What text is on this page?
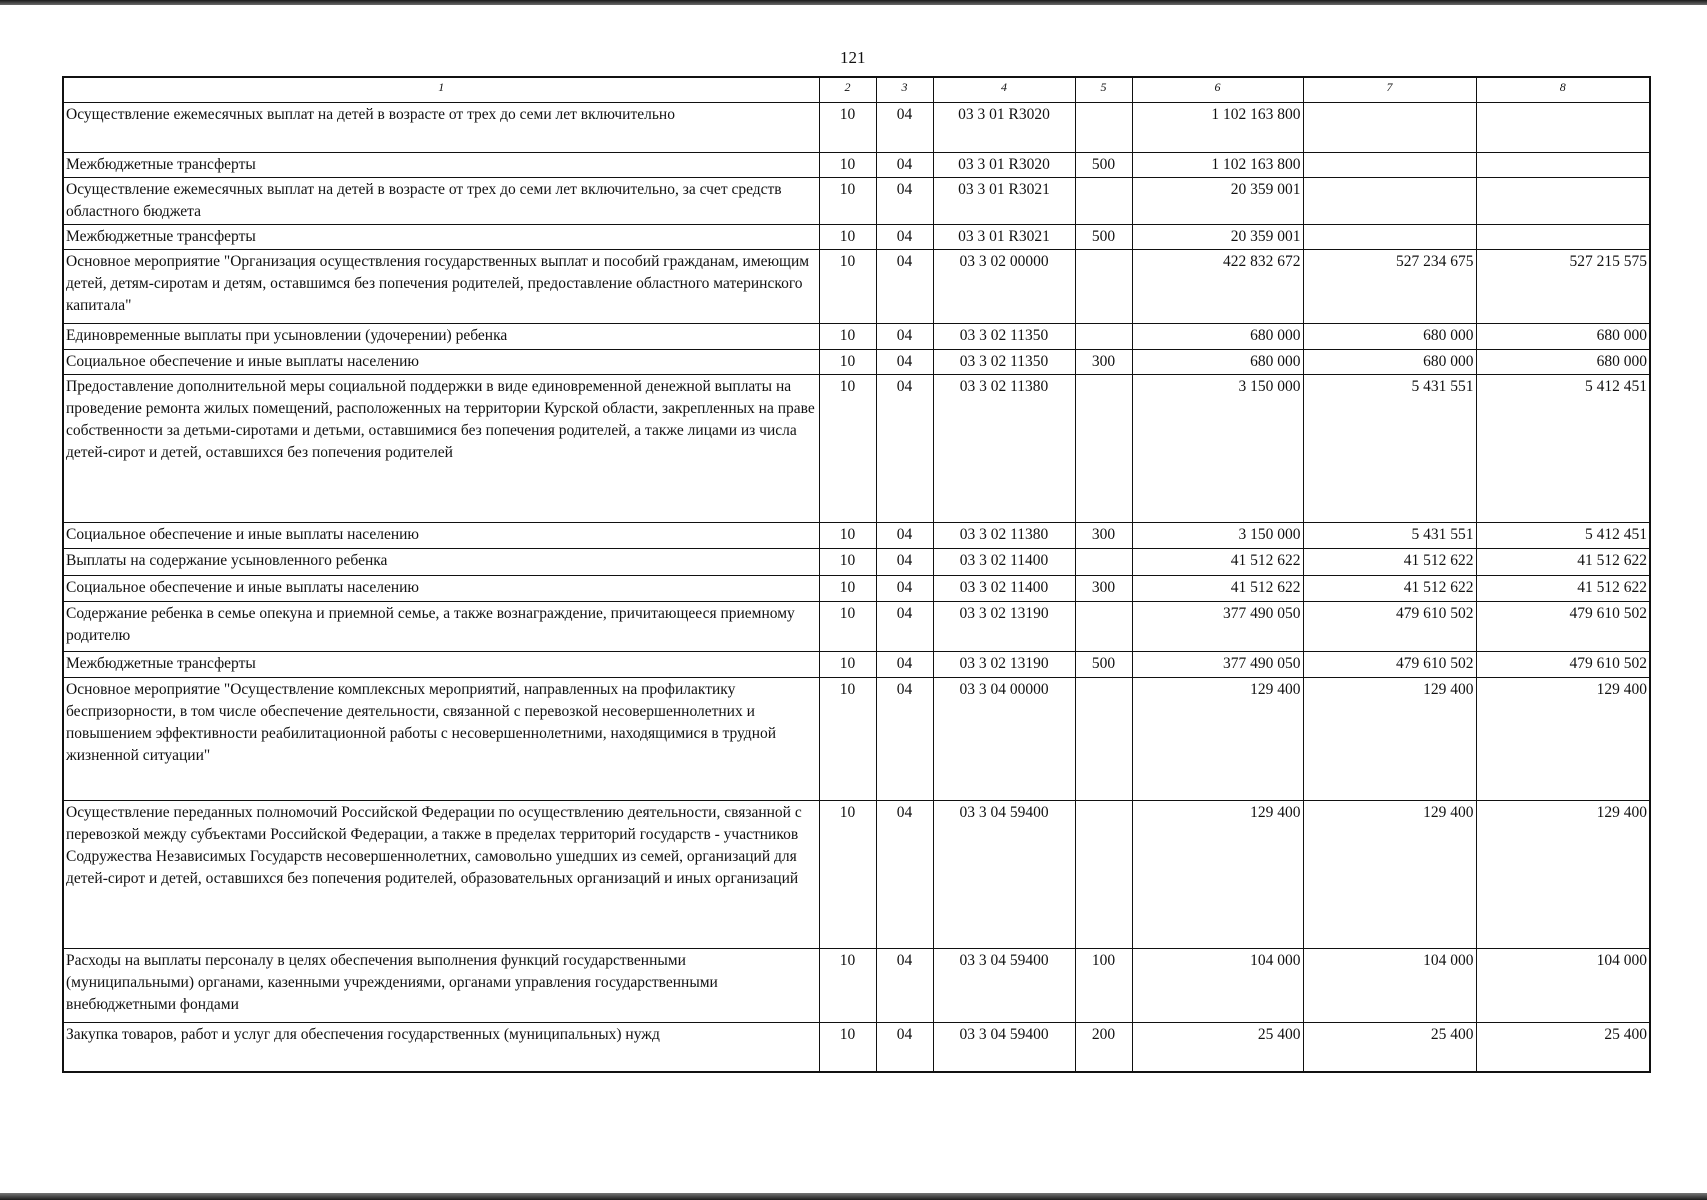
121
1	2	3	4	5	6	7	8
Осуществление ежемесячных выплат на детей в возрасте от трех до семи лет включительно	10	04	03 3 01 R3020		1 102 163 800		
Межбюджетные трансферты	10	04	03 3 01 R3020	500	1 102 163 800		
Осуществление ежемесячных выплат на детей в возрасте от трех до семи лет включительно, за счет средств областного бюджета	10	04	03 3 01 R3021		20 359 001		
Межбюджетные трансферты	10	04	03 3 01 R3021	500	20 359 001		
Основное мероприятие "Организация осуществления государственных выплат и пособий гражданам, имеющим детей, детям-сиротам и детям, оставшимся без попечения родителей, предоставление областного материнского капитала"	10	04	03 3 02 00000		422 832 672	527 234 675	527 215 575
Единовременные выплаты при усыновлении (удочерении) ребенка	10	04	03 3 02 11350		680 000	680 000	680 000
Социальное обеспечение и иные выплаты населению	10	04	03 3 02 11350	300	680 000	680 000	680 000
Предоставление дополнительной меры социальной поддержки в виде единовременной денежной выплаты на проведение ремонта жилых помещений, расположенных на территории Курской области, закрепленных на праве собственности за детьми-сиротами и детьми, оставшимися без попечения родителей, а также лицами из числа детей-сирот и детей, оставшихся без попечения родителей	10	04	03 3 02 11380		3 150 000	5 431 551	5 412 451
Социальное обеспечение и иные выплаты населению	10	04	03 3 02 11380	300	3 150 000	5 431 551	5 412 451
Выплаты на содержание усыновленного ребенка	10	04	03 3 02 11400		41 512 622	41 512 622	41 512 622
Социальное обеспечение и иные выплаты населению	10	04	03 3 02 11400	300	41 512 622	41 512 622	41 512 622
Содержание ребенка в семье опекуна и приемной семье, а также вознаграждение, причитающееся приемному родителю	10	04	03 3 02 13190		377 490 050	479 610 502	479 610 502
Межбюджетные трансферты	10	04	03 3 02 13190	500	377 490 050	479 610 502	479 610 502
Основное мероприятие "Осуществление комплексных мероприятий, направленных на профилактику беспризорности, в том числе обеспечение деятельности, связанной с перевозкой несовершеннолетних и повышением эффективности реабилитационной работы с несовершеннолетними, находящимися в трудной жизненной ситуации"	10	04	03 3 04 00000		129 400	129 400	129 400
Осуществление переданных полномочий Российской Федерации по осуществлению деятельности, связанной с перевозкой между субъектами Российской Федерации, а также в пределах территорий государств - участников Содружества Независимых Государств несовершеннолетних, самовольно ушедших из семей, организаций для детей-сирот и детей, оставшихся без попечения родителей, образовательных организаций и иных организаций	10	04	03 3 04 59400		129 400	129 400	129 400
Расходы на выплаты персоналу в целях обеспечения выполнения функций государственными (муниципальными) органами, казенными учреждениями, органами управления государственными внебюджетными фондами	10	04	03 3 04 59400	100	104 000	104 000	104 000
Закупка товаров, работ и услуг для обеспечения государственных (муниципальных) нужд	10	04	03 3 04 59400	200	25 400	25 400	25 400
